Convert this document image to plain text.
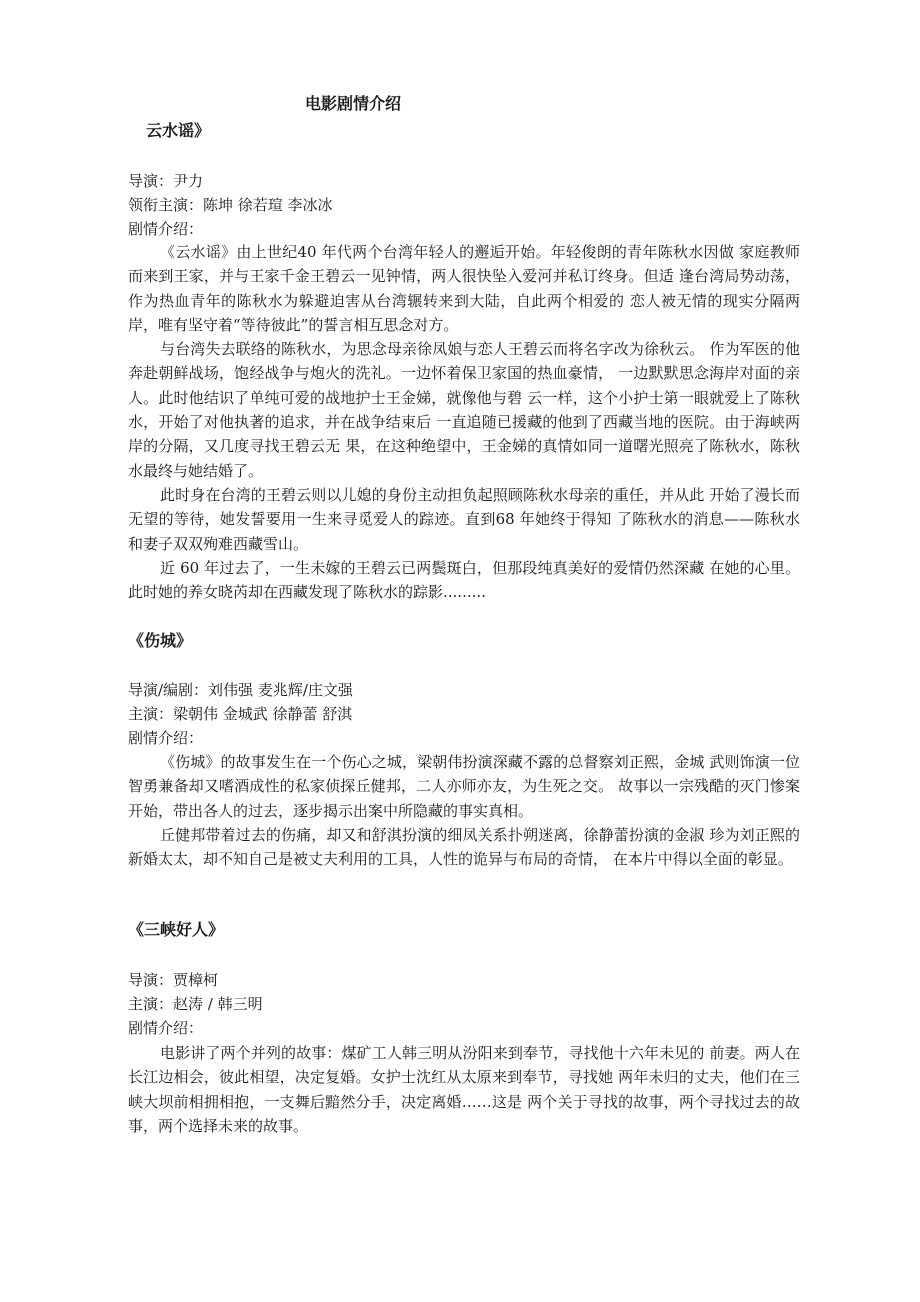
电影剧情介绍
云水谣》
导演：尹力
领衔主演：陈坤 徐若瑄 李冰冰
剧情介绍：

《云水谣》由上世纪40 年代两个台湾年轻人的邂逅开始。年轻俊朗的青年陈秋水因做 家庭教师而来到王家，并与王家千金王碧云一见钟情，两人很快坠入爱河并私订终身。但适 逢台湾局势动荡，作为热血青年的陈秋水为躲避迫害从台湾辗转来到大陆，自此两个相爱的 恋人被无情的现实分隔两岸，唯有坚守着“等待彼此”的誓言相互思念对方。

与台湾失去联络的陈秋水，为思念母亲徐凤娘与恋人王碧云而将名字改为徐秋云。 作为军医的他奔赴朝鲜战场，饱经战争与炮火的洗礼。一边怀着保卫家国的热血豪情， 一边默默思念海岸对面的亲人。此时他结识了单纯可爱的战地护士王金娣，就像他与碧 云一样，这个小护士第一眼就爱上了陈秋水，开始了对他执著的追求，并在战争结束后 一直追随已援藏的他到了西藏当地的医院。由于海峡两岸的分隔，又几度寻找王碧云无 果，在这种绝望中，王金娣的真情如同一道曙光照亮了陈秋水，陈秋水最终与她结婚了。

此时身在台湾的王碧云则以儿媳的身份主动担负起照顾陈秋水母亲的重任，并从此 开始了漫长而无望的等待，她发誓要用一生来寻觅爱人的踪迹。直到68 年她终于得知 了陈秋水的消息——陈秋水和妻子双双殉难西藏雪山。

近 60 年过去了，一生未嫁的王碧云已两鬓斑白，但那段纯真美好的爱情仍然深藏 在她的心里。此时她的养女晓芮却在西藏发现了陈秋水的踪影.........

《伤城》
导演/编剧：刘伟强 麦兆辉/庄文强
主演：梁朝伟 金城武 徐静蕾 舒淇
剧情介绍：

《伤城》的故事发生在一个伤心之城，梁朝伟扮演深藏不露的总督察刘正熙，金城 武则饰演一位智勇兼备却又嗜酒成性的私家侦探丘健邦，二人亦师亦友，为生死之交。 故事以一宗残酷的灭门惨案开始，带出各人的过去，逐步揭示出案中所隐藏的事实真相。

丘健邦带着过去的伤痛，却又和舒淇扮演的细凤关系扑朔迷离，徐静蕾扮演的金淑 珍为刘正熙的新婚太太，却不知自己是被丈夫利用的工具，人性的诡异与布局的奇情， 在本片中得以全面的彰显。

《三峡好人》
导演：贾樟柯
主演：赵涛 / 韩三明
剧情介绍：

电影讲了两个并列的故事：煤矿工人韩三明从汾阳来到奉节，寻找他十六年未见的 前妻。两人在长江边相会，彼此相望，决定复婚。女护士沈红从太原来到奉节，寻找她 两年未归的丈夫，他们在三峡大坝前相拥相抱，一支舞后黯然分手，决定离婚……这是 两个关于寻找的故事，两个寻找过去的故事，两个选择未来的故事。
